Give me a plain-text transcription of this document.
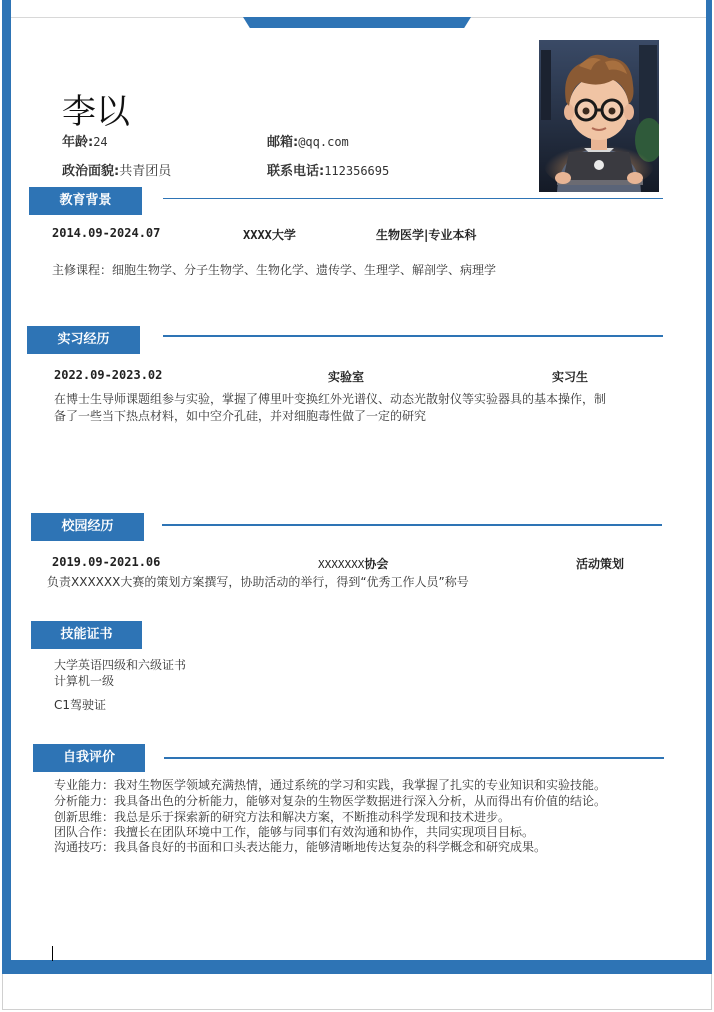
李以
年龄:24	邮箱:@qq.com
政治面貌:共青团员	联系电话:112356695
教育背景
2014.09-2024.07	XXXX大学	生物医学|专业本科
主修课程：细胞生物学、分子生物学、生物化学、遗传学、生理学、解剖学、病理学
实习经历
2022.09-2023.02	实验室	实习生
在博士生导师课题组参与实验，掌握了傅里叶变换红外光谱仪、动态光散射仪等实验器具的基本操作，制
备了一些当下热点材料，如中空介孔硅，并对细胞毒性做了一定的研究
校园经历
2019.09-2021.06	XXXXXXX协会	活动策划
负责XXXXXX大赛的策划方案撰写，协助活动的举行，得到“优秀工作人员”称号
技能证书
大学英语四级和六级证书
计算机一级
C1驾驶证
自我评价
专业能力：我对生物医学领域充满热情，通过系统的学习和实践，我掌握了扎实的专业知识和实验技能。
分析能力：我具备出色的分析能力，能够对复杂的生物医学数据进行深入分析，从而得出有价值的结论。
创新思维：我总是乐于探索新的研究方法和解决方案，不断推动科学发现和技术进步。
团队合作：我擅长在团队环境中工作，能够与同事们有效沟通和协作，共同实现项目目标。
沟通技巧：我具备良好的书面和口头表达能力，能够清晰地传达复杂的科学概念和研究成果。
